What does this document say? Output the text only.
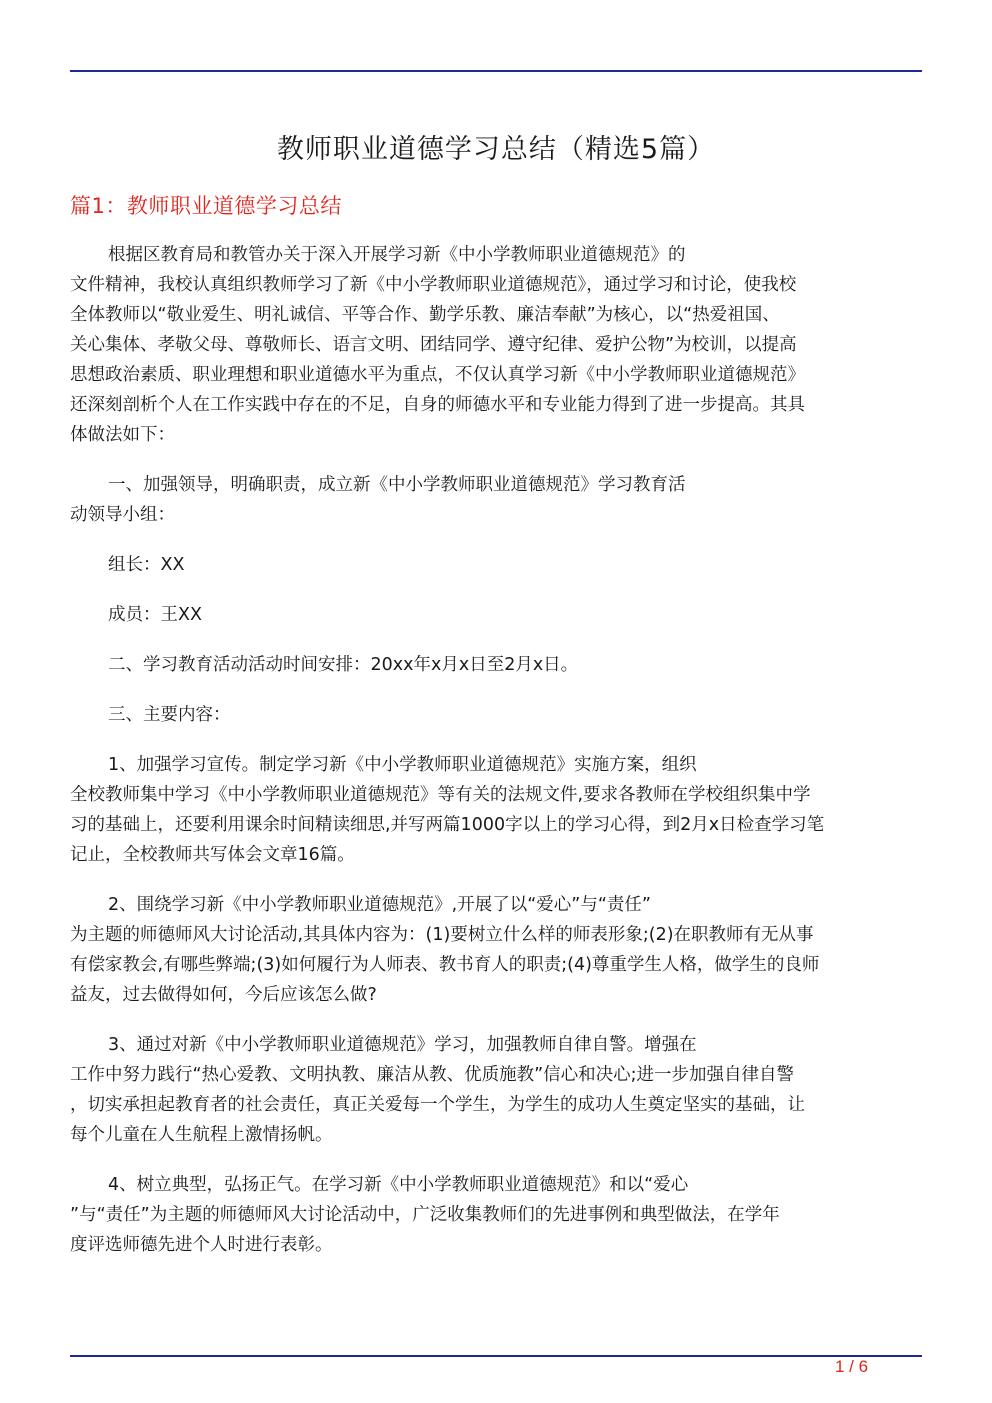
教师职业道德学习总结（精选5篇）
篇1：教师职业道德学习总结
根据区教育局和教管办关于深入开展学习新《中小学教师职业道德规范》的
文件精神，我校认真组织教师学习了新《中小学教师职业道德规范》，通过学习和讨论，使我校
全体教师以“敬业爱生、明礼诚信、平等合作、勤学乐教、廉洁奉献”为核心，以“热爱祖国、
关心集体、孝敬父母、尊敬师长、语言文明、团结同学、遵守纪律、爱护公物”为校训，以提高
思想政治素质、职业理想和职业道德水平为重点，不仅认真学习新《中小学教师职业道德规范》
还深刻剖析个人在工作实践中存在的不足，自身的师德水平和专业能力得到了进一步提高。其具
体做法如下：
一、加强领导，明确职责，成立新《中小学教师职业道德规范》学习教育活
动领导小组：
组长：XX
成员：王XX
二、学习教育活动活动时间安排：20xx年x月x日至2月x日。
三、主要内容：
1、加强学习宣传。制定学习新《中小学教师职业道德规范》实施方案，组织
全校教师集中学习《中小学教师职业道德规范》等有关的法规文件,要求各教师在学校组织集中学
习的基础上，还要利用课余时间精读细思,并写两篇1000字以上的学习心得，到2月x日检查学习笔
记止，全校教师共写体会文章16篇。
2、围绕学习新《中小学教师职业道德规范》,开展了以“爱心”与“责任”
为主题的师德师风大讨论活动,其具体内容为：(1)要树立什么样的师表形象;(2)在职教师有无从事
有偿家教会,有哪些弊端;(3)如何履行为人师表、教书育人的职责;(4)尊重学生人格，做学生的良师
益友，过去做得如何，今后应该怎么做?
3、通过对新《中小学教师职业道德规范》学习，加强教师自律自警。增强在
工作中努力践行“热心爱教、文明执教、廉洁从教、优质施教”信心和决心;进一步加强自律自警
，切实承担起教育者的社会责任，真正关爱每一个学生，为学生的成功人生奠定坚实的基础，让
每个儿童在人生航程上激情扬帆。
4、树立典型，弘扬正气。在学习新《中小学教师职业道德规范》和以“爱心
”与“责任”为主题的师德师风大讨论活动中，广泛收集教师们的先进事例和典型做法，在学年
度评选师德先进个人时进行表彰。
1 / 6
